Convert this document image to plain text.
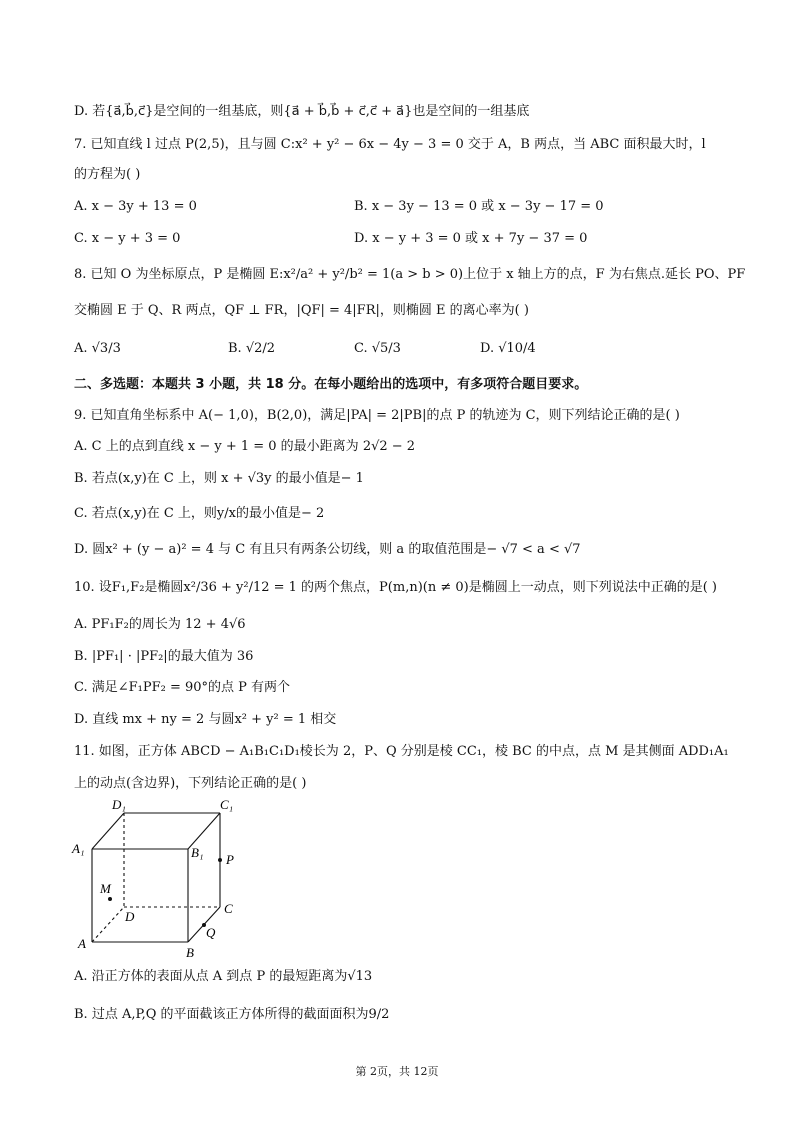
D. 若{a⃗,b⃗,c⃗}是空间的一组基底，则{a⃗ + b⃗,b⃗ + c⃗,c⃗ + a⃗}也是空间的一组基底
7. 已知直线 l 过点 P(2,5)，且与圆 C:x² + y² − 6x − 4y − 3 = 0 交于 A，B 两点，当 ABC 面积最大时，l
的方程为( )
A. x − 3y + 13 = 0	B. x − 3y − 13 = 0 或 x − 3y − 17 = 0
C. x − y + 3 = 0	D. x − y + 3 = 0 或 x + 7y − 37 = 0
8. 已知 O 为坐标原点，P 是椭圆 E:x²/a² + y²/b² = 1(a > b > 0)上位于 x 轴上方的点，F 为右焦点.延长 PO、PF
交椭圆 E 于 Q、R 两点，QF ⊥ FR，|QF| = 4|FR|，则椭圆 E 的离心率为( )
A. √3/3	B. √2/2	C. √5/3	D. √10/4
二、多选题：本题共 3 小题，共 18 分。在每小题给出的选项中，有多项符合题目要求。
9. 已知直角坐标系中 A(− 1,0)，B(2,0)，满足|PA| = 2|PB|的点 P 的轨迹为 C，则下列结论正确的是( )
A. C 上的点到直线 x − y + 1 = 0 的最小距离为 2√2 − 2
B. 若点(x,y)在 C 上，则 x + √3y 的最小值是− 1
C. 若点(x,y)在 C 上，则y/x的最小值是− 2
D. 圆x² + (y − a)² = 4 与 C 有且只有两条公切线，则 a 的取值范围是− √7 < a < √7
10. 设F₁,F₂是椭圆x²/36 + y²/12 = 1 的两个焦点，P(m,n)(n ≠ 0)是椭圆上一动点，则下列说法中正确的是( )
A. PF₁F₂的周长为 12 + 4√6
B. |PF₁| · |PF₂|的最大值为 36
C. 满足∠F₁PF₂ = 90°的点 P 有两个
D. 直线 mx + ny = 2 与圆x² + y² = 1 相交
11. 如图，正方体 ABCD − A₁B₁C₁D₁棱长为 2，P、Q 分别是棱 CC₁，棱 BC 的中点，点 M 是其侧面 ADD₁A₁
上的动点(含边界)，下列结论正确的是( )
D₁	C₁
A₁	B₁ P
M
D
C
A
B
Q
A. 沿正方体的表面从点 A 到点 P 的最短距离为√13
B. 过点 A,P,Q 的平面截该正方体所得的截面面积为9/2
第 2页，共 12页
